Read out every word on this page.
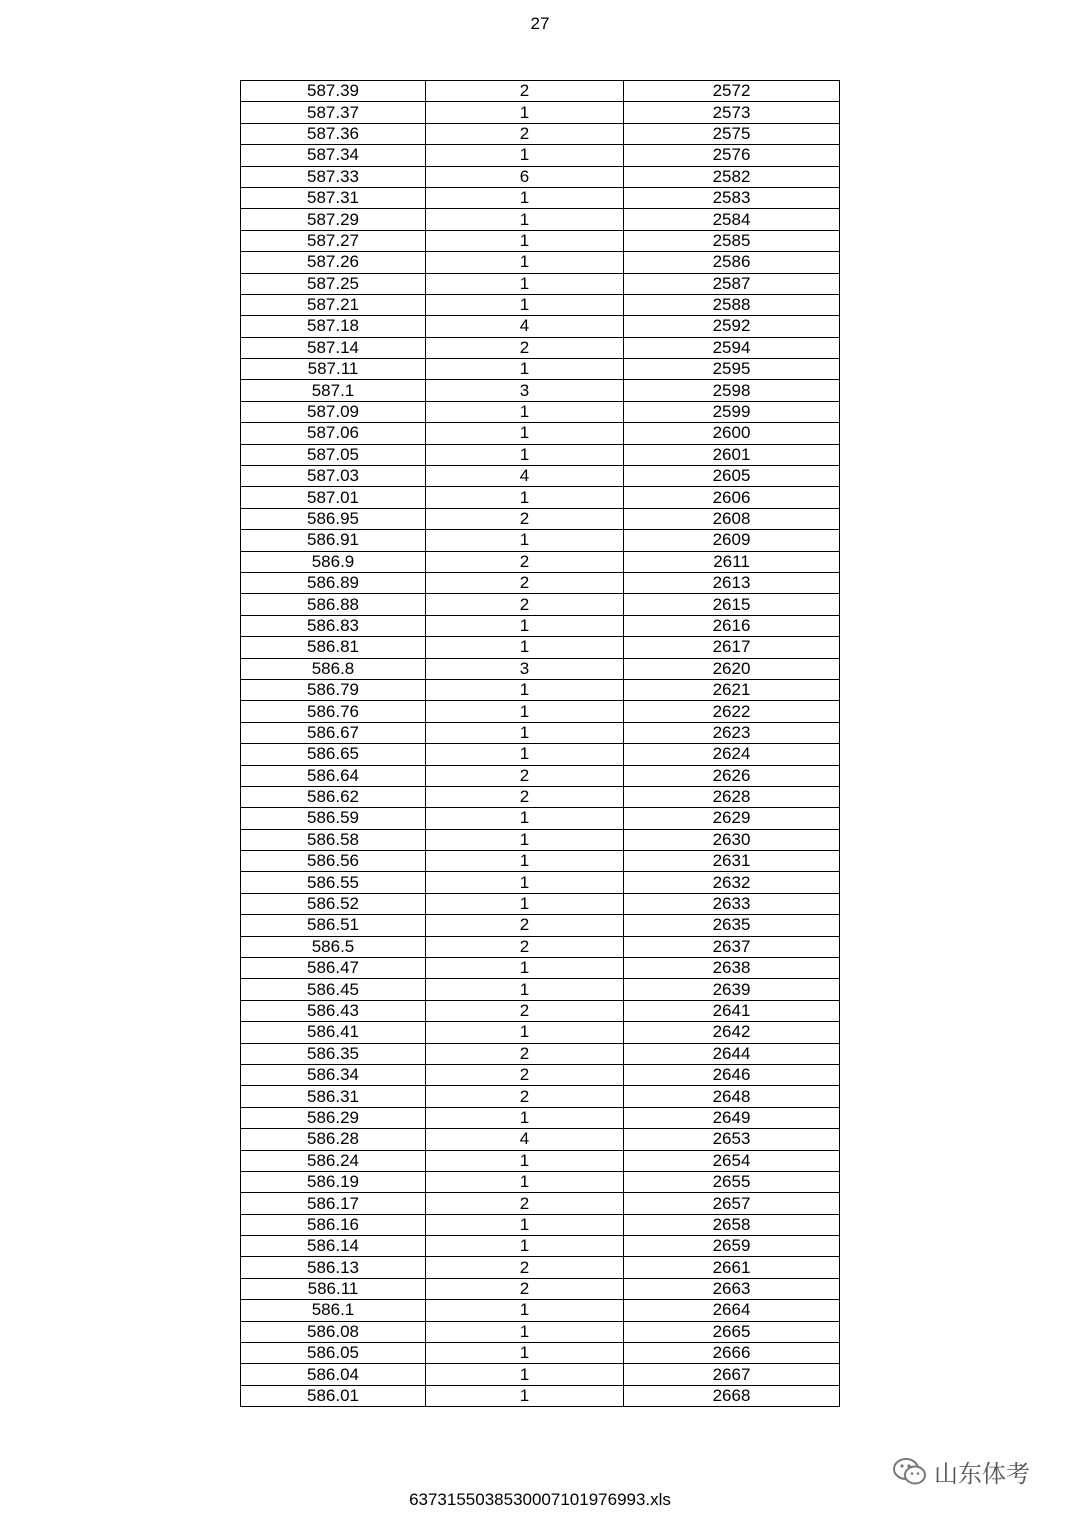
27
587.39	2	2572
587.37	1	2573
587.36	2	2575
587.34	1	2576
587.33	6	2582
587.31	1	2583
587.29	1	2584
587.27	1	2585
587.26	1	2586
587.25	1	2587
587.21	1	2588
587.18	4	2592
587.14	2	2594
587.11	1	2595
587.1	3	2598
587.09	1	2599
587.06	1	2600
587.05	1	2601
587.03	4	2605
587.01	1	2606
586.95	2	2608
586.91	1	2609
586.9	2	2611
586.89	2	2613
586.88	2	2615
586.83	1	2616
586.81	1	2617
586.8	3	2620
586.79	1	2621
586.76	1	2622
586.67	1	2623
586.65	1	2624
586.64	2	2626
586.62	2	2628
586.59	1	2629
586.58	1	2630
586.56	1	2631
586.55	1	2632
586.52	1	2633
586.51	2	2635
586.5	2	2637
586.47	1	2638
586.45	1	2639
586.43	2	2641
586.41	1	2642
586.35	2	2644
586.34	2	2646
586.31	2	2648
586.29	1	2649
586.28	4	2653
586.24	1	2654
586.19	1	2655
586.17	2	2657
586.16	1	2658
586.14	1	2659
586.13	2	2661
586.11	2	2663
586.1	1	2664
586.08	1	2665
586.05	1	2666
586.04	1	2667
586.01	1	2668
637315503853000710197​6993.xls
山东体考
